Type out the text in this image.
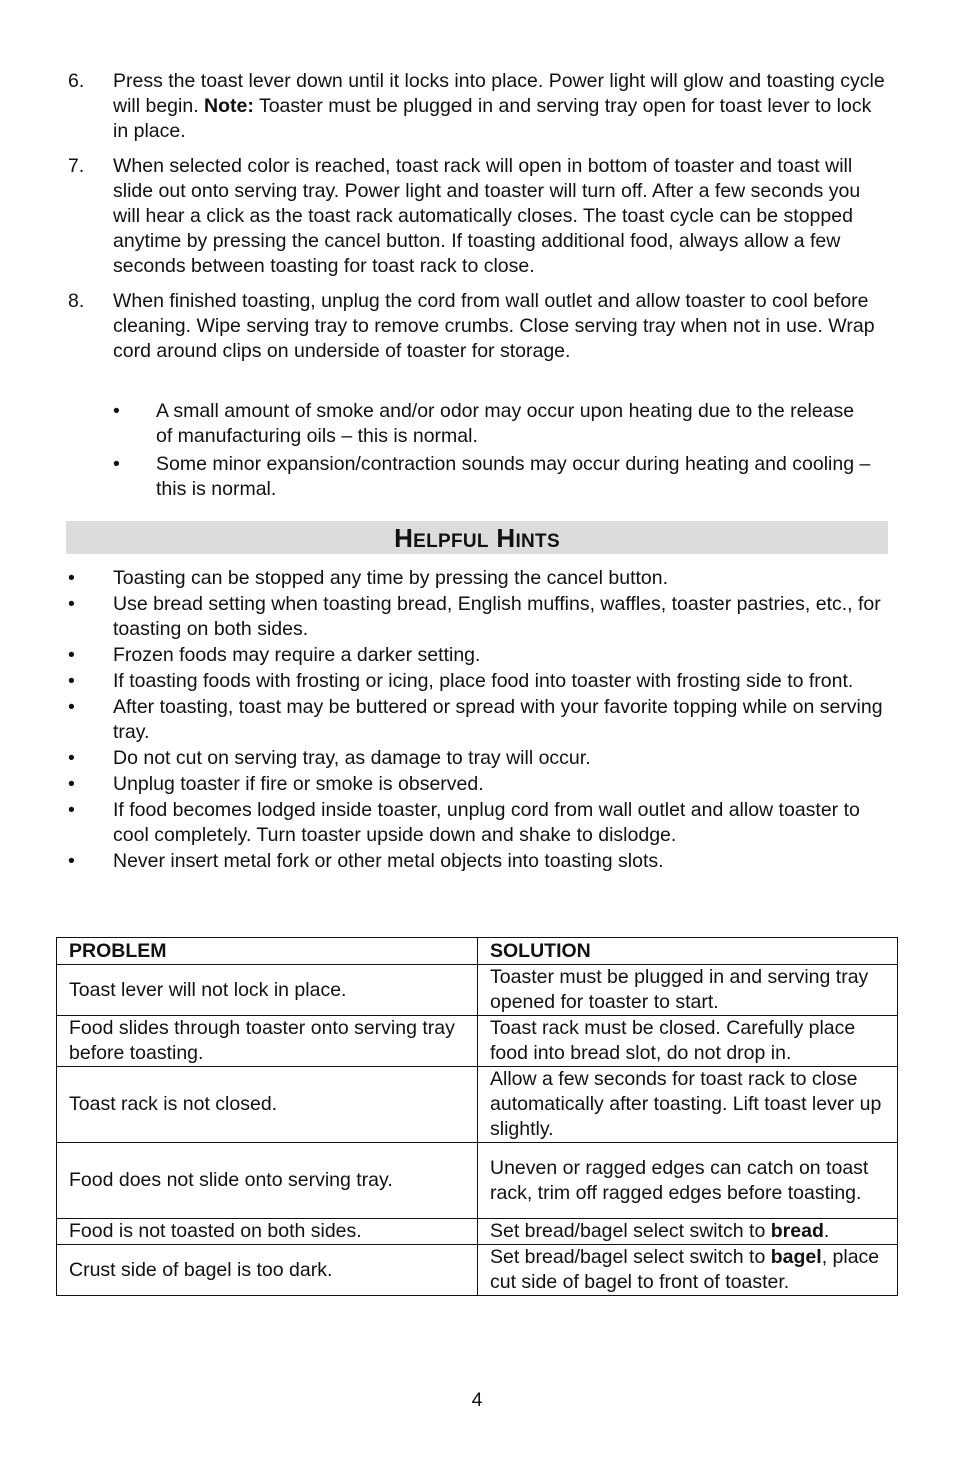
6.	Press the toast lever down until it locks into place. Power light will glow and toasting cycle will begin. Note: Toaster must be plugged in and serving tray open for toast lever to lock in place.
7.	When selected color is reached, toast rack will open in bottom of toaster and toast will slide out onto serving tray. Power light and toaster will turn off. After a few seconds you will hear a click as the toast rack automatically closes. The toast cycle can be stopped anytime by pressing the cancel button. If toasting additional food, always allow a few seconds between toasting for toast rack to close.
8.	When finished toasting, unplug the cord from wall outlet and allow toaster to cool before cleaning. Wipe serving tray to remove crumbs. Close serving tray when not in use. Wrap cord around clips on underside of toaster for storage.
•	A small amount of smoke and/or odor may occur upon heating due to the release of manufacturing oils – this is normal.
•	Some minor expansion/contraction sounds may occur during heating and cooling – this is normal.
HELPFUL HINTS
•	Toasting can be stopped any time by pressing the cancel button.
•	Use bread setting when toasting bread, English muffins, waffles, toaster pastries, etc., for toasting on both sides.
•	Frozen foods may require a darker setting.
•	If toasting foods with frosting or icing, place food into toaster with frosting side to front.
•	After toasting, toast may be buttered or spread with your favorite topping while on serving tray.
•	Do not cut on serving tray, as damage to tray will occur.
•	Unplug toaster if fire or smoke is observed.
•	If food becomes lodged inside toaster, unplug cord from wall outlet and allow toaster to cool completely. Turn toaster upside down and shake to dislodge.
•	Never insert metal fork or other metal objects into toasting slots.
PROBLEM	SOLUTION
Toast lever will not lock in place.	Toaster must be plugged in and serving tray opened for toaster to start.
Food slides through toaster onto serving tray before toasting.	Toast rack must be closed. Carefully place food into bread slot, do not drop in.
Toast rack is not closed.	Allow a few seconds for toast rack to close automatically after toasting. Lift toast lever up slightly.
Food does not slide onto serving tray.	Uneven or ragged edges can catch on toast rack, trim off ragged edges before toasting.
Food is not toasted on both sides.	Set bread/bagel select switch to bread.
Crust side of bagel is too dark.	Set bread/bagel select switch to bagel, place cut side of bagel to front of toaster.
4
